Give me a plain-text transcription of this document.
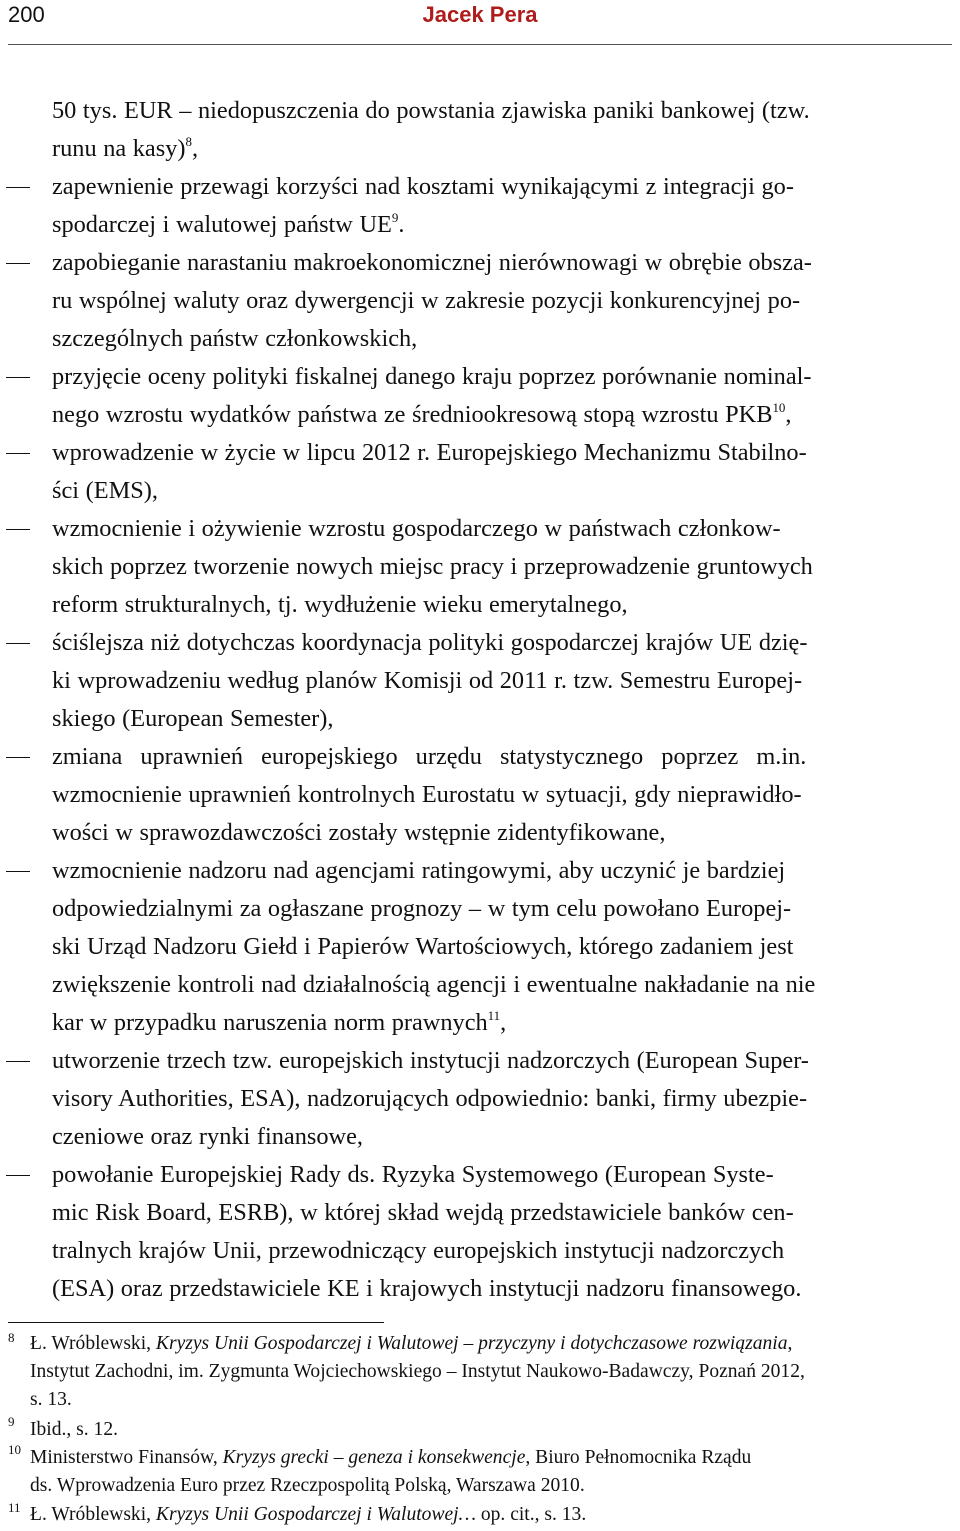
200	Jacek Pera
50 tys. EUR – niedopuszczenia do powstania zjawiska paniki bankowej (tzw.
runu na kasy)$^8$,
zapewnienie przewagi korzyści nad kosztami wynikającymi z integracji go-
spodarczej i walutowej państw $UE^9$.
zapobieganie narastaniu makroekonomicznej nierównowagi w obrębie obsza-
ru wspólnej waluty oraz dywergencji w zakresie pozycji konkurencyjnej po-
szczególnych państw członkowskich,
przyjęcie oceny polityki fiskalnej danego kraju poprzez porównanie nominal-
nego wzrostu wydatków państwa ze średniookresową stopą wzrostu PKB$^{10}$,
wprowadzenie w życie w lipcu 2012 r. Europejskiego Mechanizmu Stabilno-
ści (EMS),
wzmocnienie i ożywienie wzrostu gospodarczego w państwach członkow-
skich poprzez tworzenie nowych miejsc pracy i przeprowadzenie gruntowych
reform strukturalnych, tj. wydłużenie wieku emerytalnego,
ściślejsza niż dotychczas koordynacja polityki gospodarczej krajów UE dzię-
ki wprowadzeniu według planów Komisji od 2011 r. tzw. Semestru Europej-
skiego (European Semester),
zmiana uprawnień europejskiego urzędu statystycznego poprzez m.in.
wzmocnienie uprawnień kontrolnych Eurostatu w sytuacji, gdy nieprawidło-
wości w sprawozdawczości zostały wstępnie zidentyfikowane,
wzmocnienie nadzoru nad agencjami ratingowymi, aby uczynić je bardziej
odpowiedzialnymi za ogłaszane prognozy – w tym celu powołano Europej-
ski Urząd Nadzoru Giełd i Papierów Wartościowych, którego zadaniem jest
zwiększenie kontroli nad działalnością agencji i ewentualne nakładanie na nie
kar w przypadku naruszenia norm prawnych$^{11}$,
utworzenie trzech tzw. europejskich instytucji nadzorczych (European Super-
visory Authorities, ESA), nadzorujących odpowiednio: banki, firmy ubezpie-
czeniowe oraz rynki finansowe,
powołanie Europejskiej Rady ds. Ryzyka Systemowego (European Syste-
mic Risk Board, ESRB), w której skład wejdą przedstawiciele banków cen-
tralnych krajów Unii, przewodniczący europejskich instytucji nadzorczych
(ESA) oraz przedstawiciele KE i krajowych instytucji nadzoru finansowego.
8 Ł. Wróblewski, Kryzys Unii Gospodarczej i Walutowej – przyczyny i dotychczasowe rozwiązania,
Instytut Zachodni, im. Zygmunta Wojciechowskiego – Instytut Naukowo-Badawczy, Poznań 2012,
s. 13.
9 Ibid., s. 12.
10 Ministerstwo Finansów, Kryzys grecki – geneza i konsekwencje, Biuro Pełnomocnika Rządu
ds. Wprowadzenia Euro przez Rzeczpospolitą Polską, Warszawa 2010.
11 Ł. Wróblewski, Kryzys Unii Gospodarczej i Walutowej… op. cit., s. 13.
